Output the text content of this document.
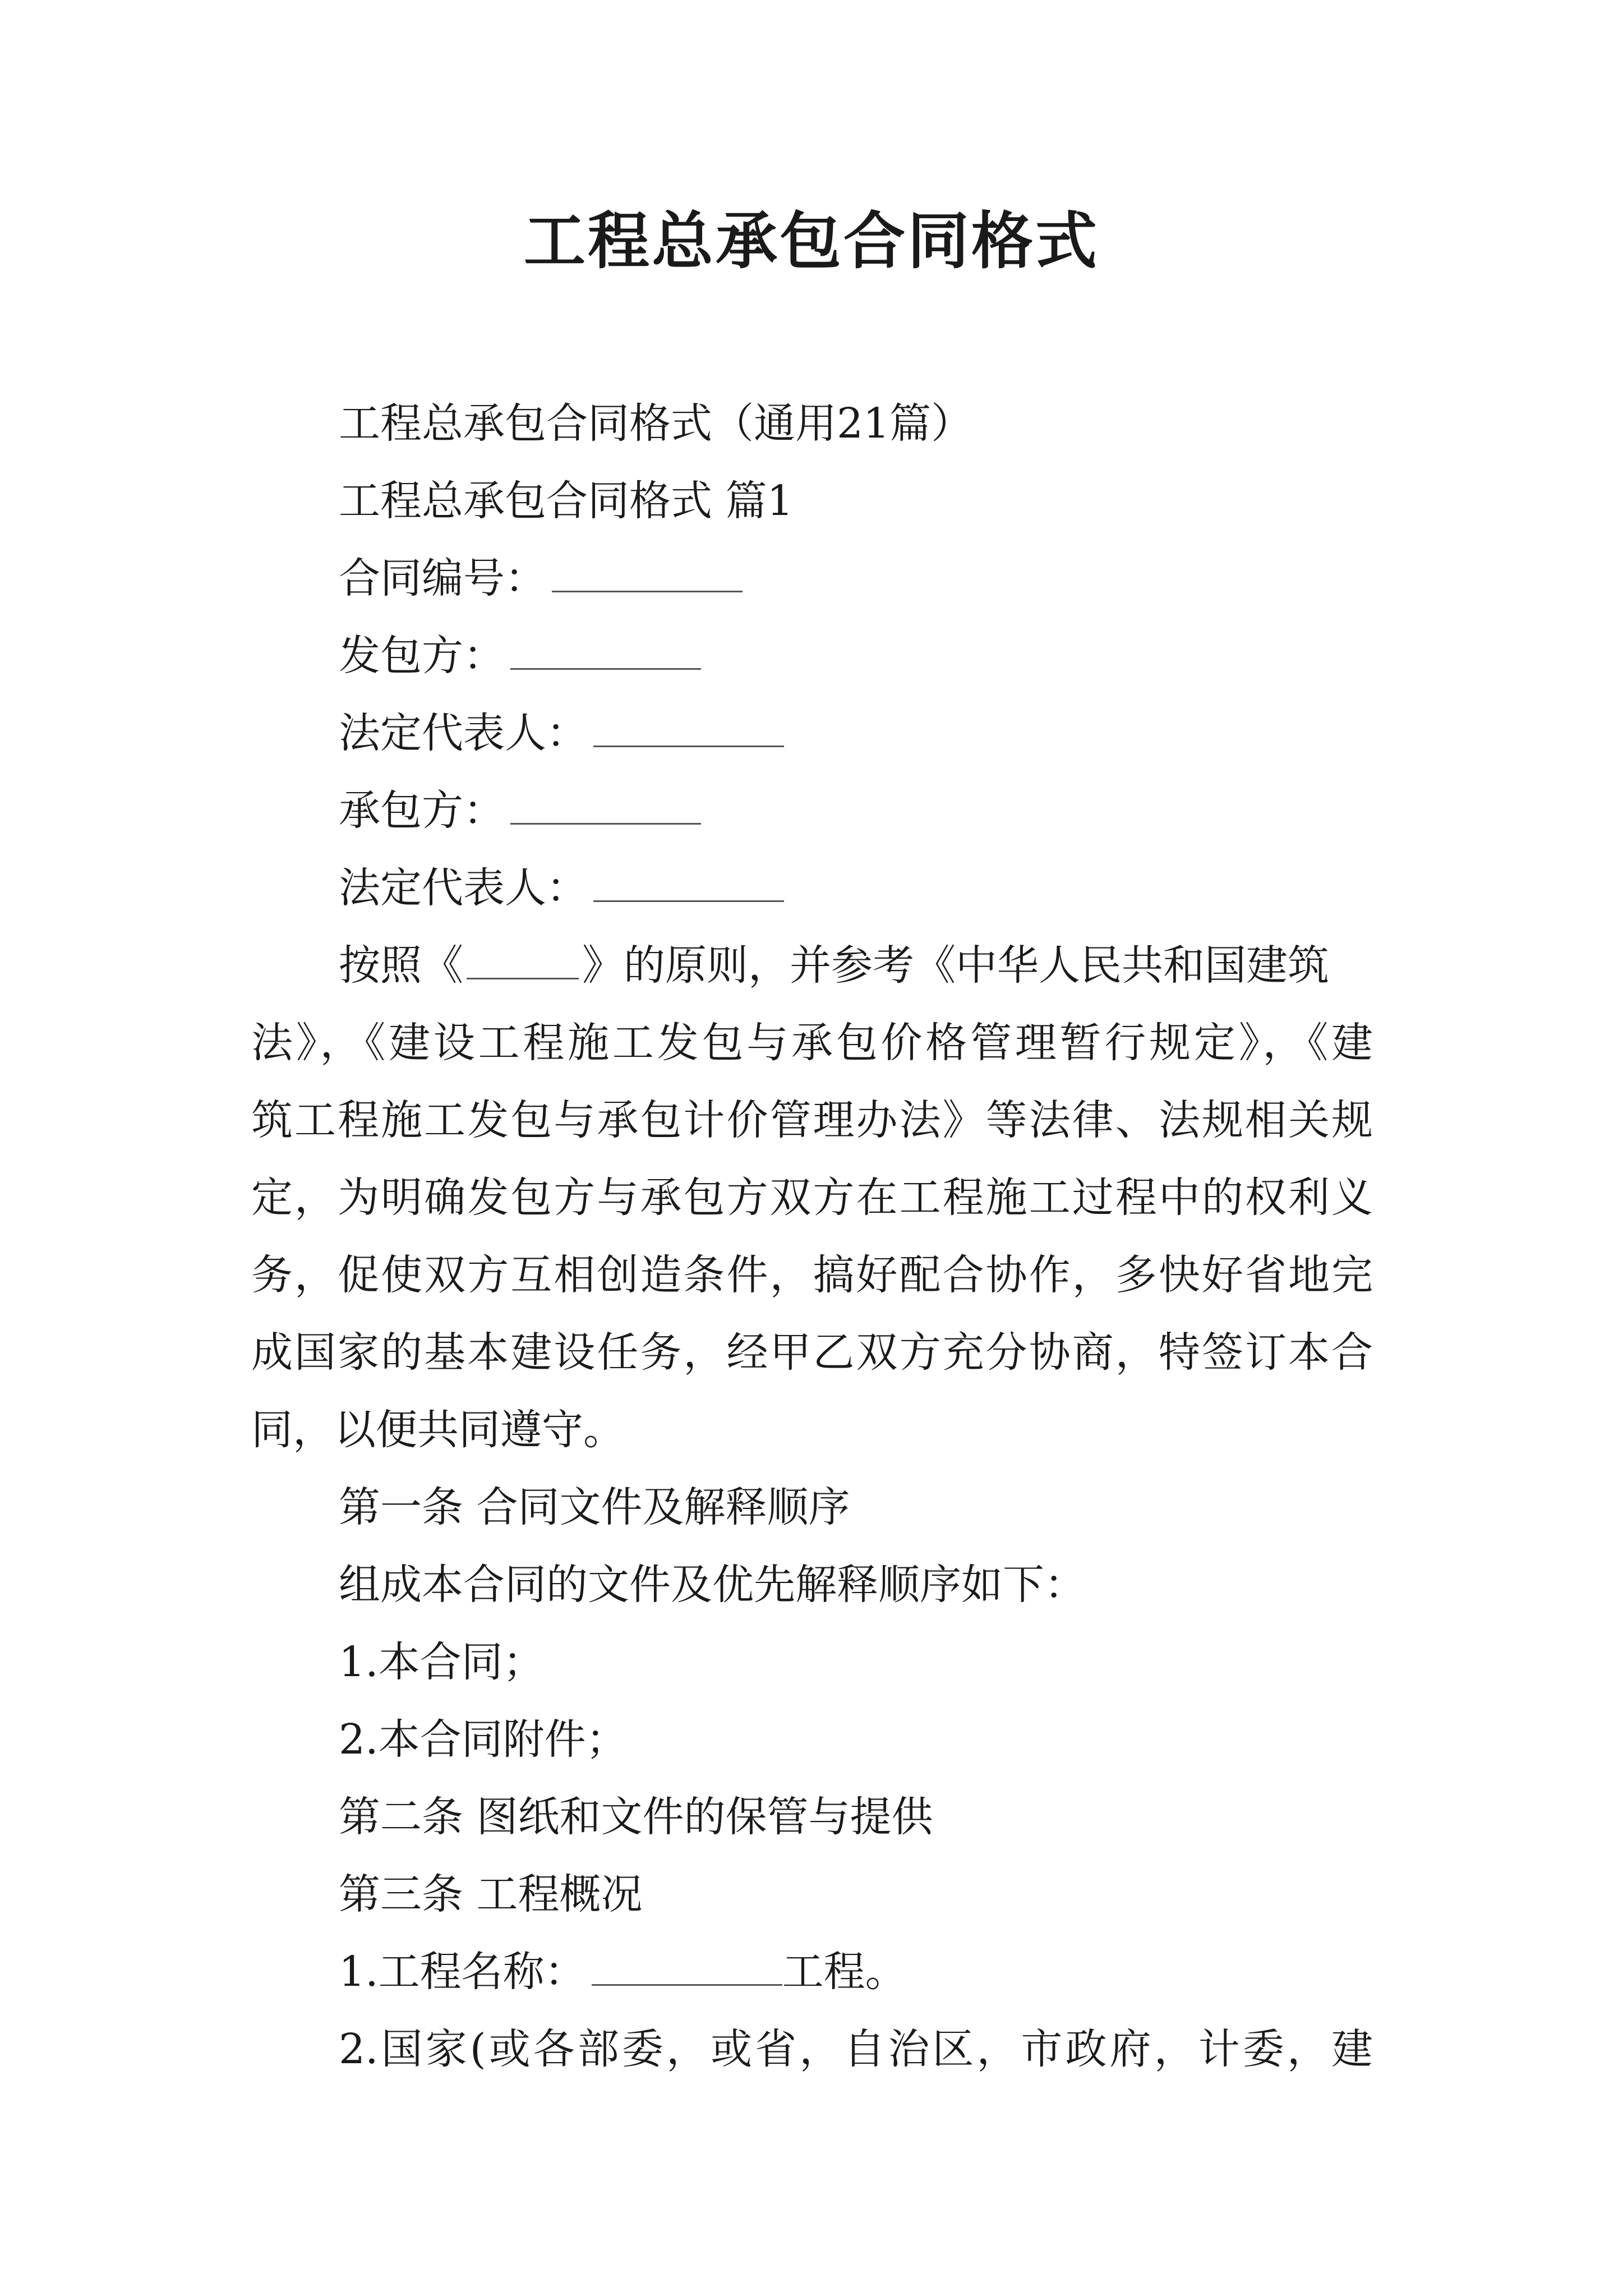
工程总承包合同格式
工程总承包合同格式（通用21篇）
工程总承包合同格式 篇1
合同编号：
发包方：
法定代表人：
承包方：
法定代表人：
按照《	》的原则，并参考《中华人民共和国建筑
法》，《建设工程施工发包与承包价格管理暂行规定》，《建
筑工程施工发包与承包计价管理办法》等法律、法规相关规
定，为明确发包方与承包方双方在工程施工过程中的权利义
务，促使双方互相创造条件，搞好配合协作，多快好省地完
成国家的基本建设任务，经甲乙双方充分协商，特签订本合
同，以便共同遵守。
第一条 合同文件及解释顺序
组成本合同的文件及优先解释顺序如下：
1.本合同；
2.本合同附件；
第二条 图纸和文件的保管与提供
第三条 工程概况
1.工程名称：	工程。
2.国家(或各部委，或省，自治区，市政府，计委，建
